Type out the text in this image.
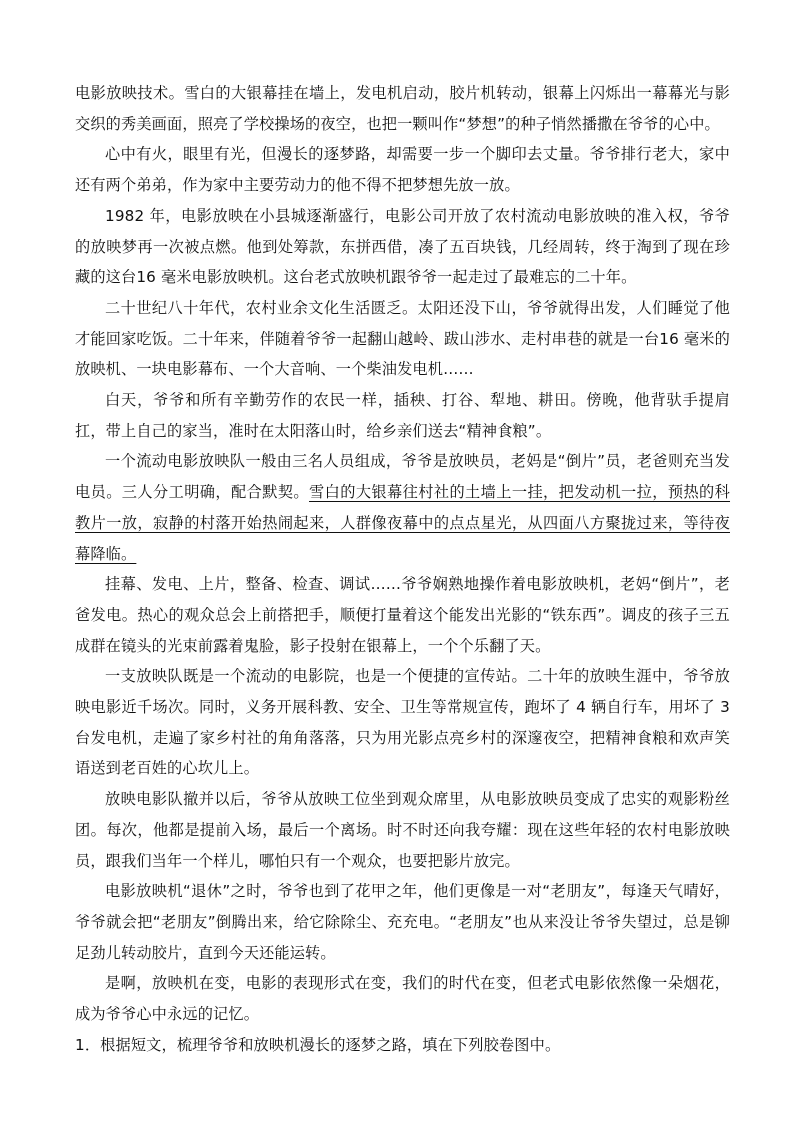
电影放映技术。雪白的大银幕挂在墙上，发电机启动，胶片机转动，银幕上闪烁出一幕幕光与影交织的秀美画面，照亮了学校操场的夜空，也把一颗叫作“梦想”的种子悄然播撒在爷爷的心中。

心中有火，眼里有光，但漫长的逐梦路，却需要一步一个脚印去丈量。爷爷排行老大，家中还有两个弟弟，作为家中主要劳动力的他不得不把梦想先放一放。

1982 年，电影放映在小县城逐渐盛行，电影公司开放了农村流动电影放映的准入权，爷爷的放映梦再一次被点燃。他到处筹款，东拼西借，凑了五百块钱，几经周转，终于淘到了现在珍藏的这台16 毫米电影放映机。这台老式放映机跟爷爷一起走过了最难忘的二十年。

二十世纪八十年代，农村业余文化生活匮乏。太阳还没下山，爷爷就得出发，人们睡觉了他才能回家吃饭。二十年来，伴随着爷爷一起翻山越岭、跋山涉水、走村串巷的就是一台16 毫米的放映机、一块电影幕布、一个大音响、一个柴油发电机……

白天，爷爷和所有辛勤劳作的农民一样，插秧、打谷、犁地、耕田。傍晚，他背驮手提肩扛，带上自己的家当，准时在太阳落山时，给乡亲们送去“精神食粮”。

一个流动电影放映队一般由三名人员组成，爷爷是放映员，老妈是“倒片”员，老爸则充当发电员。三人分工明确，配合默契。雪白的大银幕往村社的土墙上一挂，把发动机一拉，预热的科教片一放，寂静的村落开始热闹起来，人群像夜幕中的点点星光，从四面八方聚拢过来，等待夜幕降临。

挂幕、发电、上片，整备、检查、调试……爷爷娴熟地操作着电影放映机，老妈“倒片”，老爸发电。热心的观众总会上前搭把手，顺便打量着这个能发出光影的“铁东西”。调皮的孩子三五成群在镜头的光束前露着鬼脸，影子投射在银幕上，一个个乐翻了天。

一支放映队既是一个流动的电影院，也是一个便捷的宣传站。二十年的放映生涯中，爷爷放映电影近千场次。同时，义务开展科教、安全、卫生等常规宣传，跑坏了 4 辆自行车，用坏了 3 台发电机，走遍了家乡村社的角角落落，只为用光影点亮乡村的深邃夜空，把精神食粮和欢声笑语送到老百姓的心坎儿上。

放映电影队撤并以后，爷爷从放映工位坐到观众席里，从电影放映员变成了忠实的观影粉丝团。每次，他都是提前入场，最后一个离场。时不时还向我夸耀：现在这些年轻的农村电影放映员，跟我们当年一个样儿，哪怕只有一个观众，也要把影片放完。

电影放映机“退休”之时，爷爷也到了花甲之年，他们更像是一对“老朋友”，每逢天气晴好，爷爷就会把“老朋友”倒腾出来，给它除除尘、充充电。“老朋友”也从来没让爷爷失望过，总是铆足劲儿转动胶片，直到今天还能运转。

是啊，放映机在变，电影的表现形式在变，我们的时代在变，但老式电影依然像一朵烟花，成为爷爷心中永远的记忆。

1．根据短文，梳理爷爷和放映机漫长的逐梦之路，填在下列胶卷图中。
